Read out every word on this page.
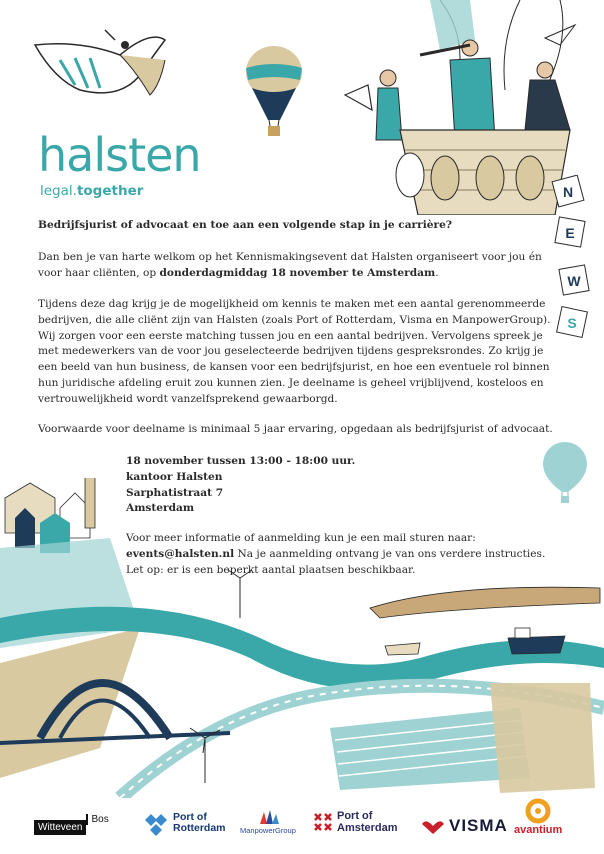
N
E
W
S
halsten
legal.together
Bedrijfsjurist of advocaat en toe aan een volgende stap in je carrière?
Dan ben je van harte welkom op het Kennismakingsevent dat Halsten organiseert voor jou én voor haar cliënten, op donderdagmiddag 18 november te Amsterdam.
Tijdens deze dag krijg je de mogelijkheid om kennis te maken met een aantal gerenommeerde bedrijven, die alle cliënt zijn van Halsten (zoals Port of Rotterdam, Visma en ManpowerGroup). Wij zorgen voor een eerste matching tussen jou en een aantal bedrijven. Vervolgens spreek je met medewerkers van de voor jou geselecteerde bedrijven tijdens gespreksrondes. Zo krijg je een beeld van hun business, de kansen voor een bedrijfsjurist, en hoe een eventuele rol binnen hun juridische afdeling eruit zou kunnen zien. Je deelname is geheel vrijblijvend, kosteloos en vertrouwelijkheid wordt vanzelfsprekend gewaarborgd.
Voorwaarde voor deelname is minimaal 5 jaar ervaring, opgedaan als bedrijfsjurist of advocaat.
18 november tussen 13:00 - 18:00 uur.
kantoor Halsten
Sarphatistraat 7
Amsterdam
Voor meer informatie of aanmelding kun je een mail sturen naar:
events@halsten.nl Na je aanmelding ontvang je van ons verdere instructies.
Let op: er is een beperkt aantal plaatsen beschikbaar.
Witteveen
Bos	Port of
Rotterdam ManpowerGroup
Port of
Amsterdam	VISMA avantium
